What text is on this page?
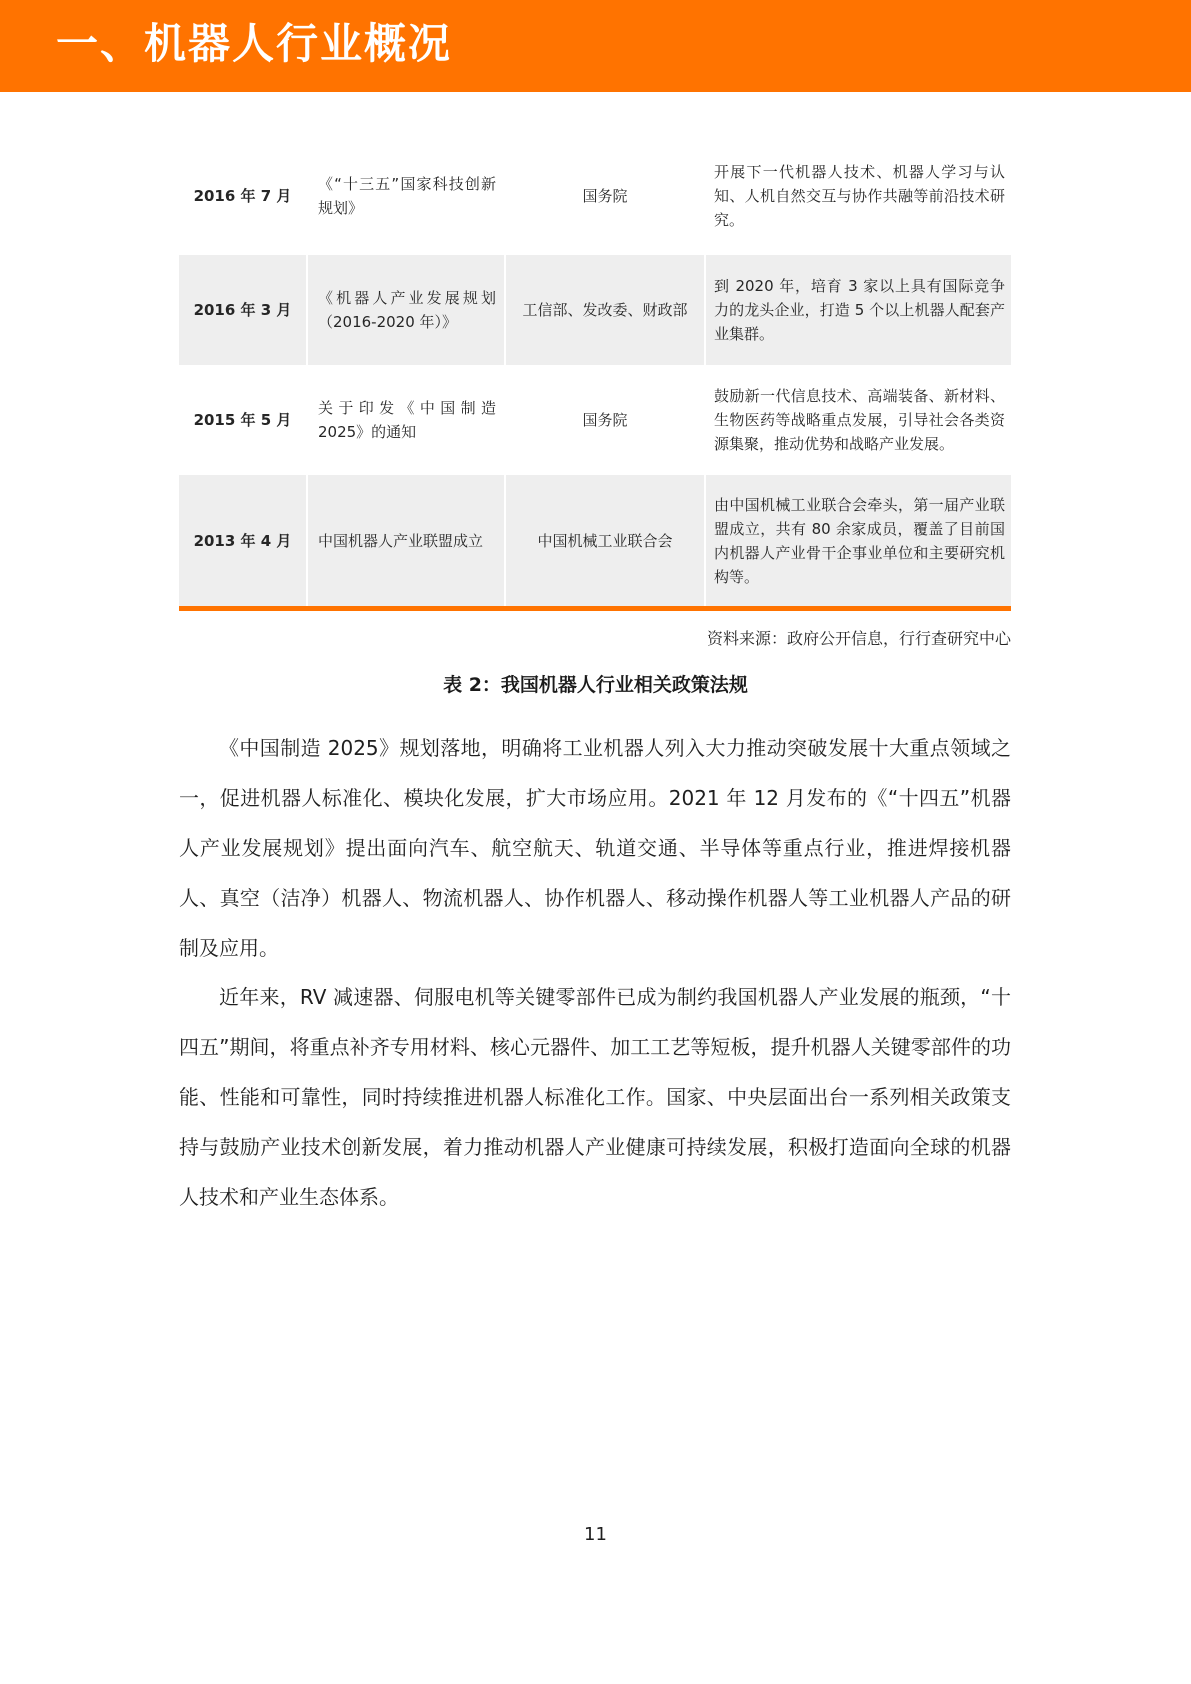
一、机器人行业概况
2016 年 7 月	《“十三五”国家科技创新规划》	国务院	开展下一代机器人技术、机器人学习与认知、人机自然交互与协作共融等前沿技术研究。
2016 年 3 月	《机器人产业发展规划（2016-2020 年）》	工信部、发改委、财政部	到 2020 年，培育 3 家以上具有国际竞争力的龙头企业，打造 5 个以上机器人配套产业集群。
2015 年 5 月	关于印发《中国制造 2025》的通知	国务院	鼓励新一代信息技术、高端装备、新材料、生物医药等战略重点发展，引导社会各类资源集聚，推动优势和战略产业发展。
2013 年 4 月	中国机器人产业联盟成立	中国机械工业联合会	由中国机械工业联合会牵头，第一届产业联盟成立，共有 80 余家成员，覆盖了目前国内机器人产业骨干企事业单位和主要研究机构等。
资料来源：政府公开信息，行行查研究中心
表 2：我国机器人行业相关政策法规

《中国制造 2025》规划落地，明确将工业机器人列入大力推动突破发展十大重点领域之一，促进机器人标准化、模块化发展，扩大市场应用。2021 年 12 月发布的《“十四五”机器人产业发展规划》提出面向汽车、航空航天、轨道交通、半导体等重点行业，推进焊接机器人、真空（洁净）机器人、物流机器人、协作机器人、移动操作机器人等工业机器人产品的研制及应用。

近年来，RV 减速器、伺服电机等关键零部件已成为制约我国机器人产业发展的瓶颈，“十四五”期间，将重点补齐专用材料、核心元器件、加工工艺等短板，提升机器人关键零部件的功能、性能和可靠性，同时持续推进机器人标准化工作。国家、中央层面出台一系列相关政策支持与鼓励产业技术创新发展，着力推动机器人产业健康可持续发展，积极打造面向全球的机器人技术和产业生态体系。

11
